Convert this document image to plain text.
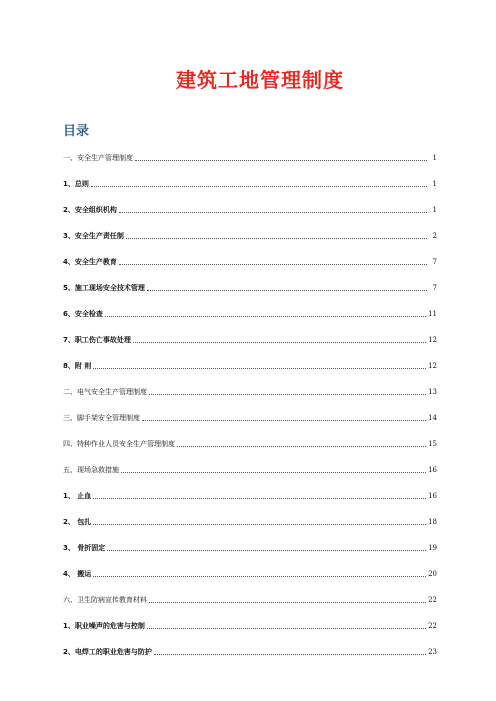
建筑工地管理制度
目录
一、安全生产管理制度	1
1、总则	1
2、安全组织机构	1
3、安全生产责任制	2
4、安全生产教育	7
5、施工现场安全技术管理	7
6、安全检查	11
7、职工伤亡事故处理	12
8、附 则	12
二、电气安全生产管理制度	13
三、脚手架安全管理制度	14
四、特种作业人员安全生产管理制度	15
五、现场急救措施	16
1、 止血	16
2、 包扎	18
3、 骨折固定	19
4、 搬运	20
六、卫生防病宣传教育材料	22
1、职业噪声的危害与控制	22
2、电焊工的职业危害与防护	23
